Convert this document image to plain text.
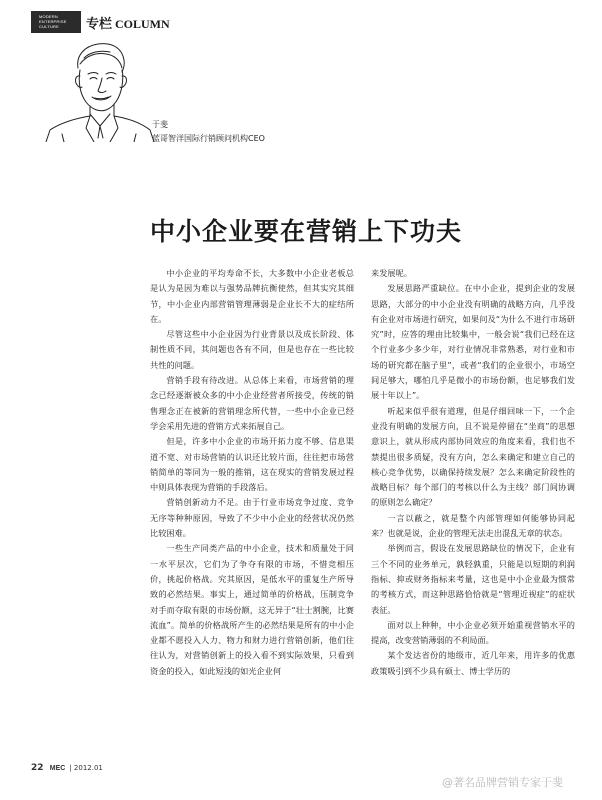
MODERN
ENTERPRISE
CULTURE	专栏 COLUMN
于斐
蓝哥智洋国际行销顾问机构CEO
中小企业要在营销上下功夫

中小企业的平均寿命不长，大多数中小企业老板总是认为是因为难以与强势品牌抗衡使然，但其实究其细节，中小企业内部营销管理薄弱是企业长不大的症结所在。

尽管这些中小企业因为行业背景以及成长阶段、体制性质不同，其问题也各有不同，但是也存在一些比较共性的问题。

营销手段有待改进。从总体上来看，市场营销的理念已经逐渐被众多的中小企业经营者所接受，传统的销售理念正在被新的营销理念所代替，一些中小企业已经学会采用先进的营销方式来拓展自己。

但是，许多中小企业的市场开拓力度不够、信息渠道不宽、对市场营销的认识还比较片面，往往把市场营销简单的等同为一般的推销，这在现实的营销发展过程中则具体表现为营销的手段落后。

营销创新动力不足。由于行业市场竞争过度、竞争无序等种种原因，导致了不少中小企业的经营状况仍然比较困难。

一些生产同类产品的中小企业，技术和质量处于同一水平层次，它们为了争夺有限的市场，不惜竞相压价，挑起价格战。究其原因，是低水平的重复生产所导致的必然结果。事实上，通过简单的价格战，压制竞争对手而夺取有限的市场份额，这无异于“壮士割腕，比赛流血”。简单的价格战所产生的必然结果是所有的中小企业都不愿投入人力、物力和财力进行营销创新，他们往往认为，对营销创新上的投入看不到实际效果，只看到资金的投入，如此短浅的如光企业何

来发展呢。

发展思路严重缺位。在中小企业，提到企业的发展思路，大部分的中小企业没有明确的战略方向，几乎没有企业对市场进行研究，如果问及“为什么不进行市场研究”时，应答的理由比较集中，一般会说“我们已经在这个行业多少多少年，对行业情况非常熟悉，对行业和市场的研究都在脑子里”，或者“我们的企业很小，市场空间足够大，哪怕几乎是微小的市场份额，也足够我们发展十年以上”。

听起来似乎很有道理，但是仔细回味一下，一个企业没有明确的发展方向，且不说是停留在“坐商”的思想意识上，就从形成内部协同效应的角度来看，我们也不禁提出很多质疑，没有方向，怎么来确定和建立自己的核心竞争优势，以确保持续发展？怎么来确定阶段性的战略目标？每个部门的考核以什么为主线？部门间协调的原则怎么确定？

一言以蔽之，就是整个内部管理如何能够协同起来？也就是说，企业的管理无法走出混乱无章的状态。

举例而言，假设在发展思路缺位的情况下，企业有三个不同的业务单元，孰轻孰重，只能是以短期的利润指标、抑或财务指标来考量，这也是中小企业最为惯常的考核方式，而这种思路恰恰就是“管理近视症”的症状表征。

面对以上种种，中小企业必须开始重视营销水平的提高，改变营销薄弱的不利局面。

某个发达省份的地级市，近几年来，用许多的优惠政策吸引到不少具有硕士、博士学历的

22 MEC | 2012.01
@著名品牌营销专家于斐
